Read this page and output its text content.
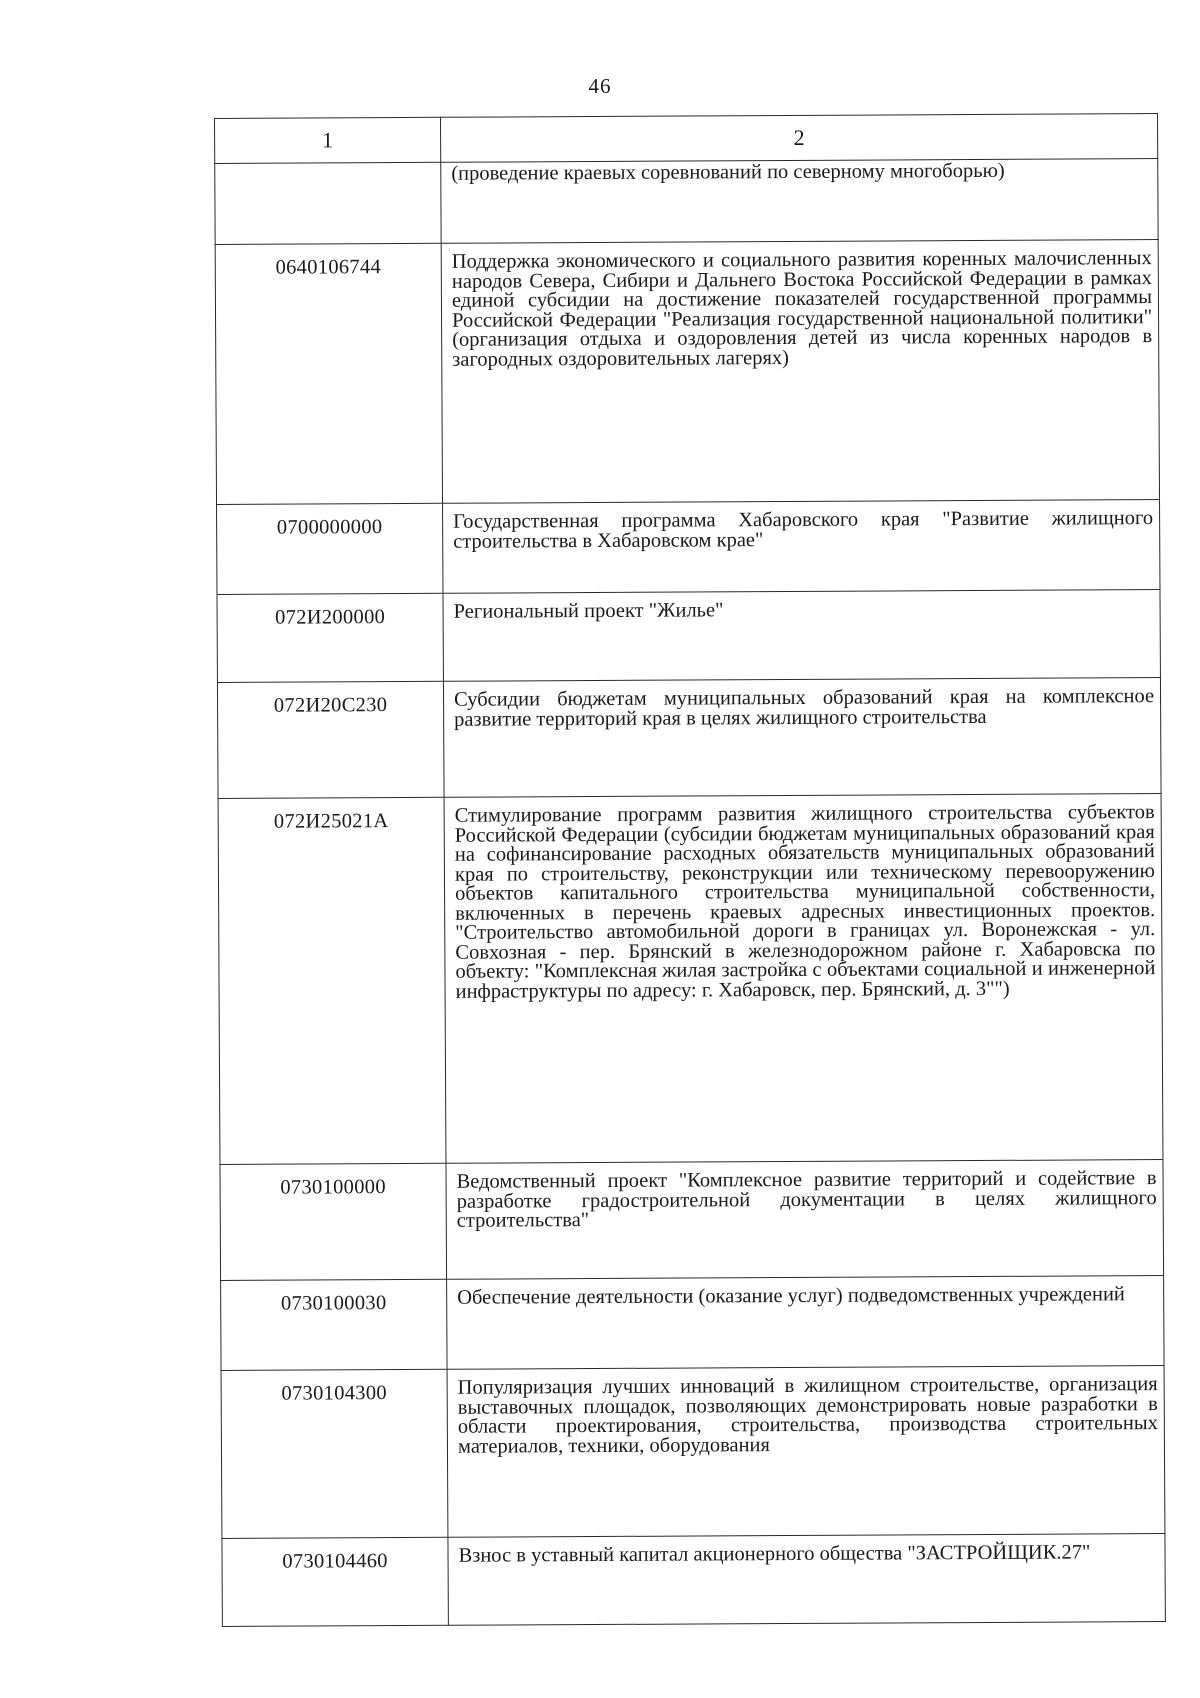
46
1	2
	(проведение краевых соревнований по северному многоборью)
0640106744	Поддержка экономического и социального развития коренных малочисленных народов Севера, Сибири и Дальнего Востока Российской Федерации в рамках единой субсидии на достижение показателей государственной программы Российской Федерации "Реализация государственной национальной политики" (организация отдыха и оздоровления детей из числа коренных народов в загородных оздоровительных лагерях)
0700000000	Государственная программа Хабаровского края "Развитие жилищного строительства в Хабаровском крае"
072И200000	Региональный проект "Жилье"
072И20С230	Субсидии бюджетам муниципальных образований края на комплексное развитие территорий края в целях жилищного строительства
072И25021А	Стимулирование программ развития жилищного строительства субъектов Российской Федерации (субсидии бюджетам муниципальных образований края на софинансирование расходных обязательств муниципальных образований края по строительству, реконструкции или техническому перевооружению объектов капитального строительства муниципальной собственности, включенных в перечень краевых адресных инвестиционных проектов. "Строительство автомобильной дороги в границах ул. Воронежская - ул. Совхозная - пер. Брянский в железнодорожном районе г. Хабаровска по объекту: "Комплексная жилая застройка с объектами социальной и инженерной инфраструктуры по адресу: г. Хабаровск, пер. Брянский, д. 3"")
0730100000	Ведомственный проект "Комплексное развитие территорий и содействие в разработке градостроительной документации в целях жилищного строительства"
0730100030	Обеспечение деятельности (оказание услуг) подведомственных учреждений
0730104300	Популяризация лучших инноваций в жилищном строительстве, организация выставочных площадок, позволяющих демонстрировать новые разработки в области проектирования, строительства, производства строительных материалов, техники, оборудования
0730104460	Взнос в уставный капитал акционерного общества "ЗАСТРОЙЩИК.27"
